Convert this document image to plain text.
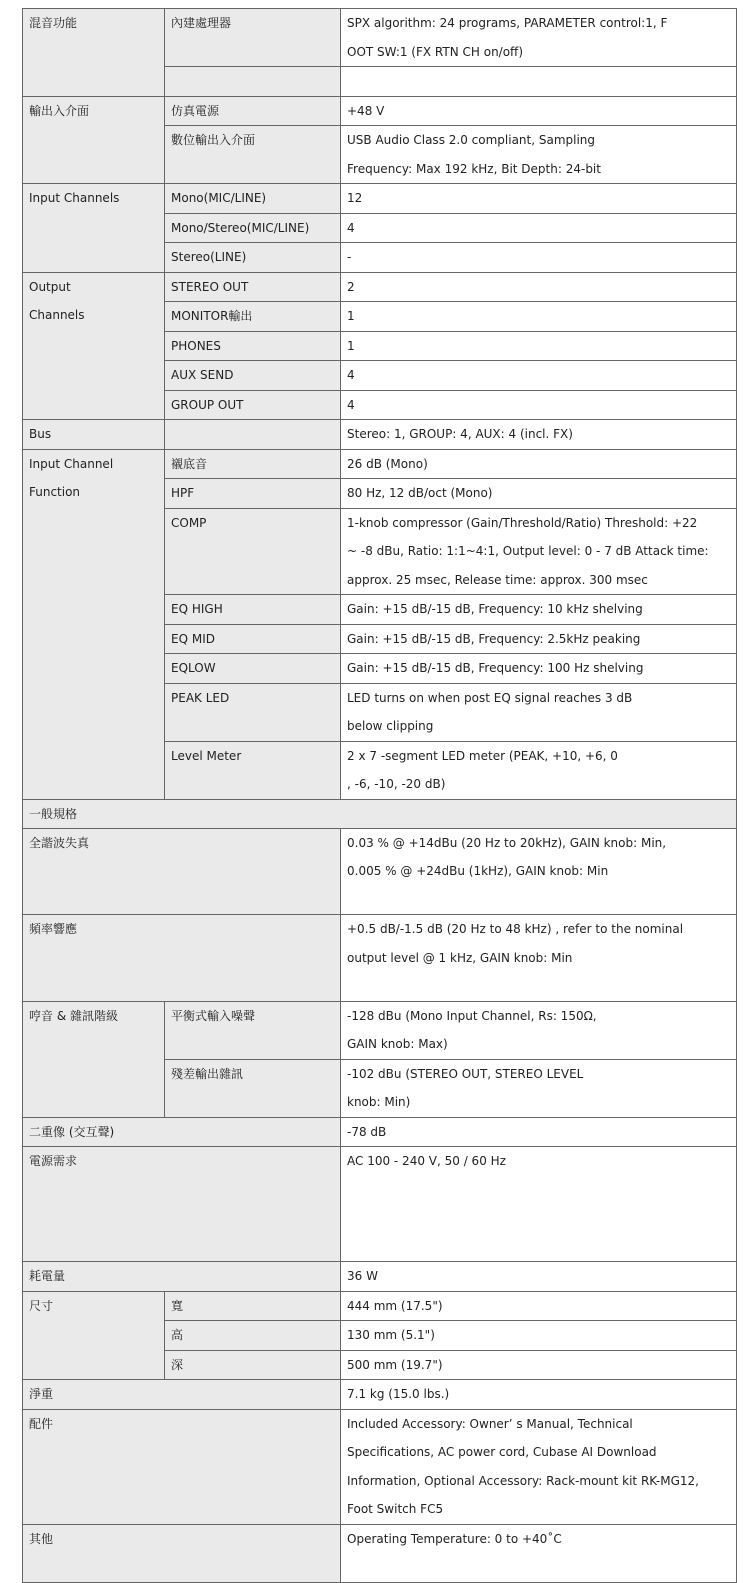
混音功能	內建處理器	SPX algorithm: 24 programs, PARAMETER control:1, F
OOT SW:1 (FX RTN CH on/off)

輸出入介面	仿真電源	+48 V

	數位輸出入介面	USB Audio Class 2.0 compliant, Sampling
Frequency: Max 192 kHz, Bit Depth: 24-bit

Input Channels	Mono(MIC/LINE)	12

	Mono/Stereo(MIC/LINE)	4

	Stereo(LINE)	-

Output
Channels	STEREO OUT	2

	MONITOR輸出	1

	PHONES	1

	AUX SEND	4

	GROUP OUT	4

Bus		Stereo: 1, GROUP: 4, AUX: 4 (incl. FX)

Input Channel
Function	襯底音	26 dB (Mono)

	HPF	80 Hz, 12 dB/oct (Mono)

	COMP	1-knob compressor (Gain/Threshold/Ratio) Threshold: +22
~ -8 dBu, Ratio: 1:1~4:1, Output level: 0 - 7 dB Attack time:
approx. 25 msec, Release time: approx. 300 msec

	EQ HIGH	Gain: +15 dB/-15 dB, Frequency: 10 kHz shelving

	EQ MID	Gain: +15 dB/-15 dB, Frequency: 2.5kHz peaking

	EQLOW	Gain: +15 dB/-15 dB, Frequency: 100 Hz shelving

	PEAK LED	LED turns on when post EQ signal reaches 3 dB
below clipping

	Level Meter	2 x 7 -segment LED meter (PEAK, +10, +6, 0
, -6, -10, -20 dB)

一般規格		
全諧波失真		0.03 % @ +14dBu (20 Hz to 20kHz), GAIN knob: Min,
0.005 % @ +24dBu (1kHz), GAIN knob: Min

頻率響應		+0.5 dB/-1.5 dB (20 Hz to 48 kHz) , refer to the nominal
output level @ 1 kHz, GAIN knob: Min

哼音 & 雜訊階級	平衡式輸入噪聲	-128 dBu (Mono Input Channel, Rs: 150Ω,
GAIN knob: Max)

	殘差輸出雜訊	-102 dBu (STEREO OUT, STEREO LEVEL
knob: Min)

二重像 (交互聲)		-78 dB

電源需求		AC 100 - 240 V, 50 / 60 Hz

耗電量		36 W

尺寸	寬	444 mm (17.5")

	高	130 mm (5.1")

	深	500 mm (19.7")

淨重		7.1 kg (15.0 lbs.)

配件		Included Accessory: Owner’ s Manual, Technical
Specifications, AC power cord, Cubase AI Download
Information, Optional Accessory: Rack-mount kit RK-MG12,
Foot Switch FC5

其他		Operating Temperature: 0 to +40˚C
